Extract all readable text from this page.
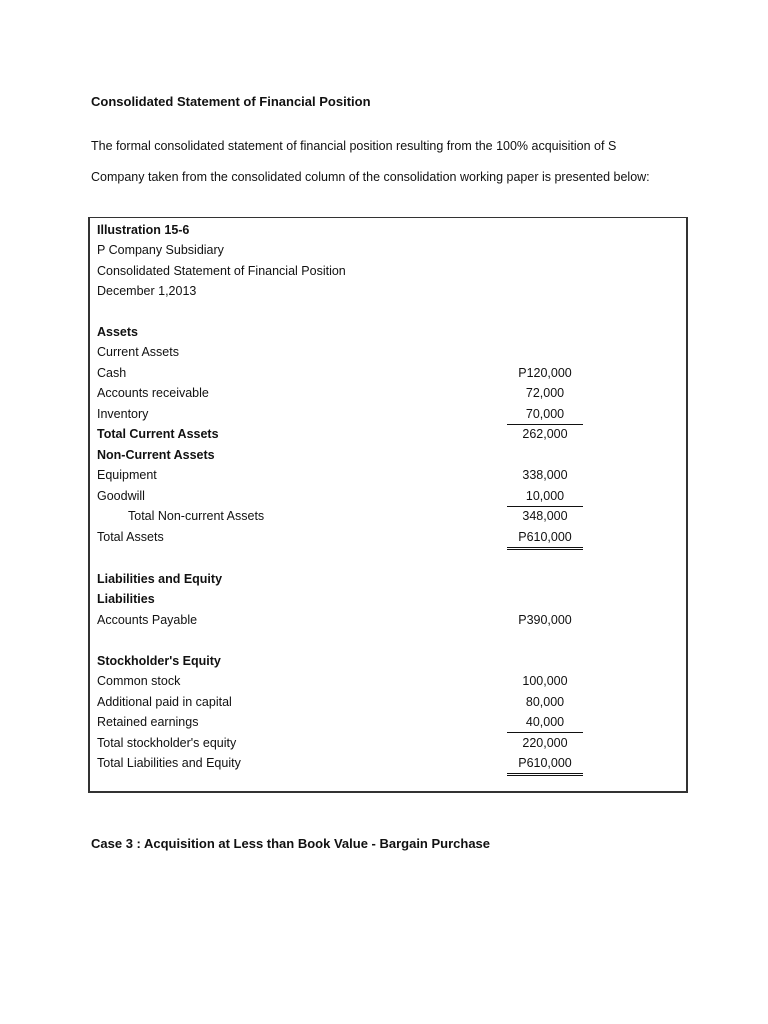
Consolidated Statement of Financial Position

The formal consolidated statement of financial position resulting from the 100% acquisition of S

Company taken from the consolidated column of the consolidation working paper is presented below:

Illustration 15-6
P Company Subsidiary
Consolidated Statement of Financial Position
December 1,2013
Assets
Current Assets
Cash	P120,000
Accounts receivable	72,000
Inventory	70,000
Total Current Assets	262,000
Non-Current Assets
Equipment	338,000
Goodwill	10,000
Total Non-current Assets	348,000
Total Assets	P610,000
Liabilities and Equity
Liabilities
Accounts Payable	P390,000
Stockholder's Equity
Common stock	100,000
Additional paid in capital	80,000
Retained earnings	40,000
Total stockholder's equity	220,000
Total Liabilities and Equity	P610,000
Case 3 : Acquisition at Less than Book Value - Bargain Purchase
